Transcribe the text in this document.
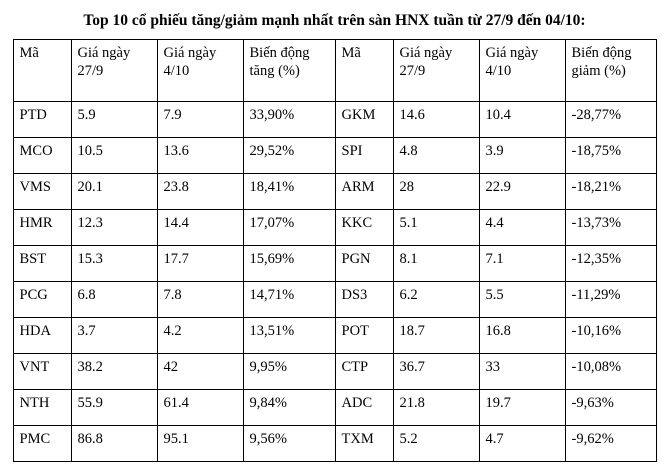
Top 10 cổ phiếu tăng/giảm mạnh nhất trên sàn HNX tuần từ 27/9 đến 04/10:
Mã	Giá ngày 27/9	Giá ngày 4/10	Biến động tăng (%)	Mã	Giá ngày 27/9	Giá ngày 4/10	Biến động giảm (%)
PTD	5.9	7.9	33,90%	GKM	14.6	10.4	-28,77%
MCO	10.5	13.6	29,52%	SPI	4.8	3.9	-18,75%
VMS	20.1	23.8	18,41%	ARM	28	22.9	-18,21%
HMR	12.3	14.4	17,07%	KKC	5.1	4.4	-13,73%
BST	15.3	17.7	15,69%	PGN	8.1	7.1	-12,35%
PCG	6.8	7.8	14,71%	DS3	6.2	5.5	-11,29%
HDA	3.7	4.2	13,51%	POT	18.7	16.8	-10,16%
VNT	38.2	42	9,95%	CTP	36.7	33	-10,08%
NTH	55.9	61.4	9,84%	ADC	21.8	19.7	-9,63%
PMC	86.8	95.1	9,56%	TXM	5.2	4.7	-9,62%
